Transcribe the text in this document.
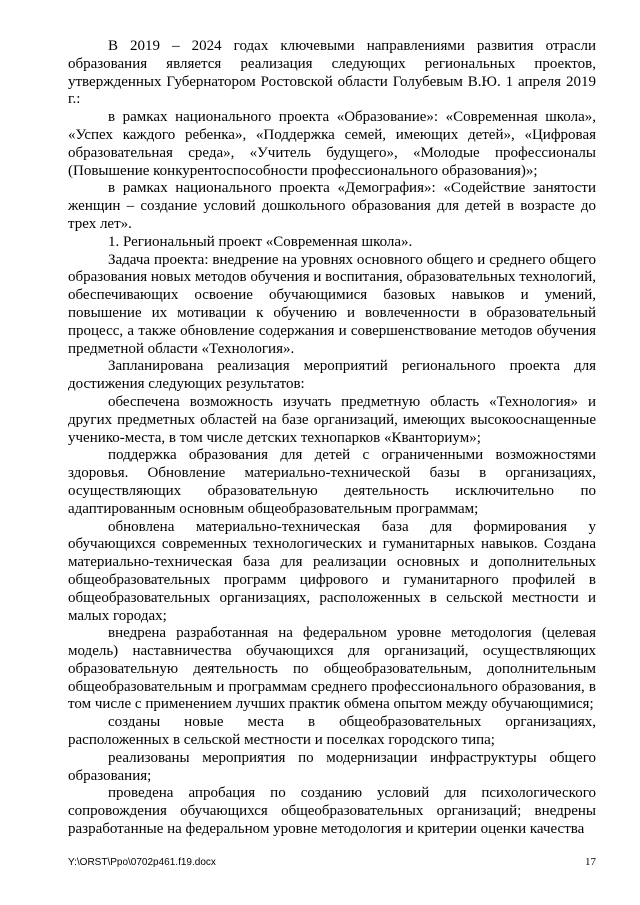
В 2019 – 2024 годах ключевыми направлениями развития отрасли образования является реализация следующих региональных проектов, утвержденных Губернатором Ростовской области Голубевым В.Ю. 1 апреля 2019 г.:

в рамках национального проекта «Образование»: «Современная школа», «Успех каждого ребенка», «Поддержка семей, имеющих детей», «Цифровая образовательная среда», «Учитель будущего», «Молодые профессионалы (Повышение конкурентоспособности профессионального образования)»;

в рамках национального проекта «Демография»: «Содействие занятости женщин – создание условий дошкольного образования для детей в возрасте до трех лет».

1. Региональный проект «Современная школа».

Задача проекта: внедрение на уровнях основного общего и среднего общего образования новых методов обучения и воспитания, образовательных технологий, обеспечивающих освоение обучающимися базовых навыков и умений, повышение их мотивации к обучению и вовлеченности в образовательный процесс, а также обновление содержания и совершенствование методов обучения предметной области «Технология».

Запланирована реализация мероприятий регионального проекта для достижения следующих результатов:

обеспечена возможность изучать предметную область «Технология» и других предметных областей на базе организаций, имеющих высокооснащенные ученико-места, в том числе детских технопарков «Кванториум»;

поддержка образования для детей с ограниченными возможностями здоровья. Обновление материально-технической базы в организациях, осуществляющих образовательную деятельность исключительно по адаптированным основным общеобразовательным программам;

обновлена материально-техническая база для формирования у обучающихся современных технологических и гуманитарных навыков. Создана материально-техническая база для реализации основных и дополнительных общеобразовательных программ цифрового и гуманитарного профилей в общеобразовательных организациях, расположенных в сельской местности и малых городах;

внедрена разработанная на федеральном уровне методология (целевая модель) наставничества обучающихся для организаций, осуществляющих образовательную деятельность по общеобразовательным, дополнительным общеобразовательным и программам среднего профессионального образования, в том числе с применением лучших практик обмена опытом между обучающимися;

созданы новые места в общеобразовательных организациях, расположенных в сельской местности и поселках городского типа;

реализованы мероприятия по модернизации инфраструктуры общего образования;

проведена апробация по созданию условий для психологического сопровождения обучающихся общеобразовательных организаций; внедрены разработанные на федеральном уровне методология и критерии оценки качества

Y:\ORST\Ppo\0702p461.f19.docx	17
